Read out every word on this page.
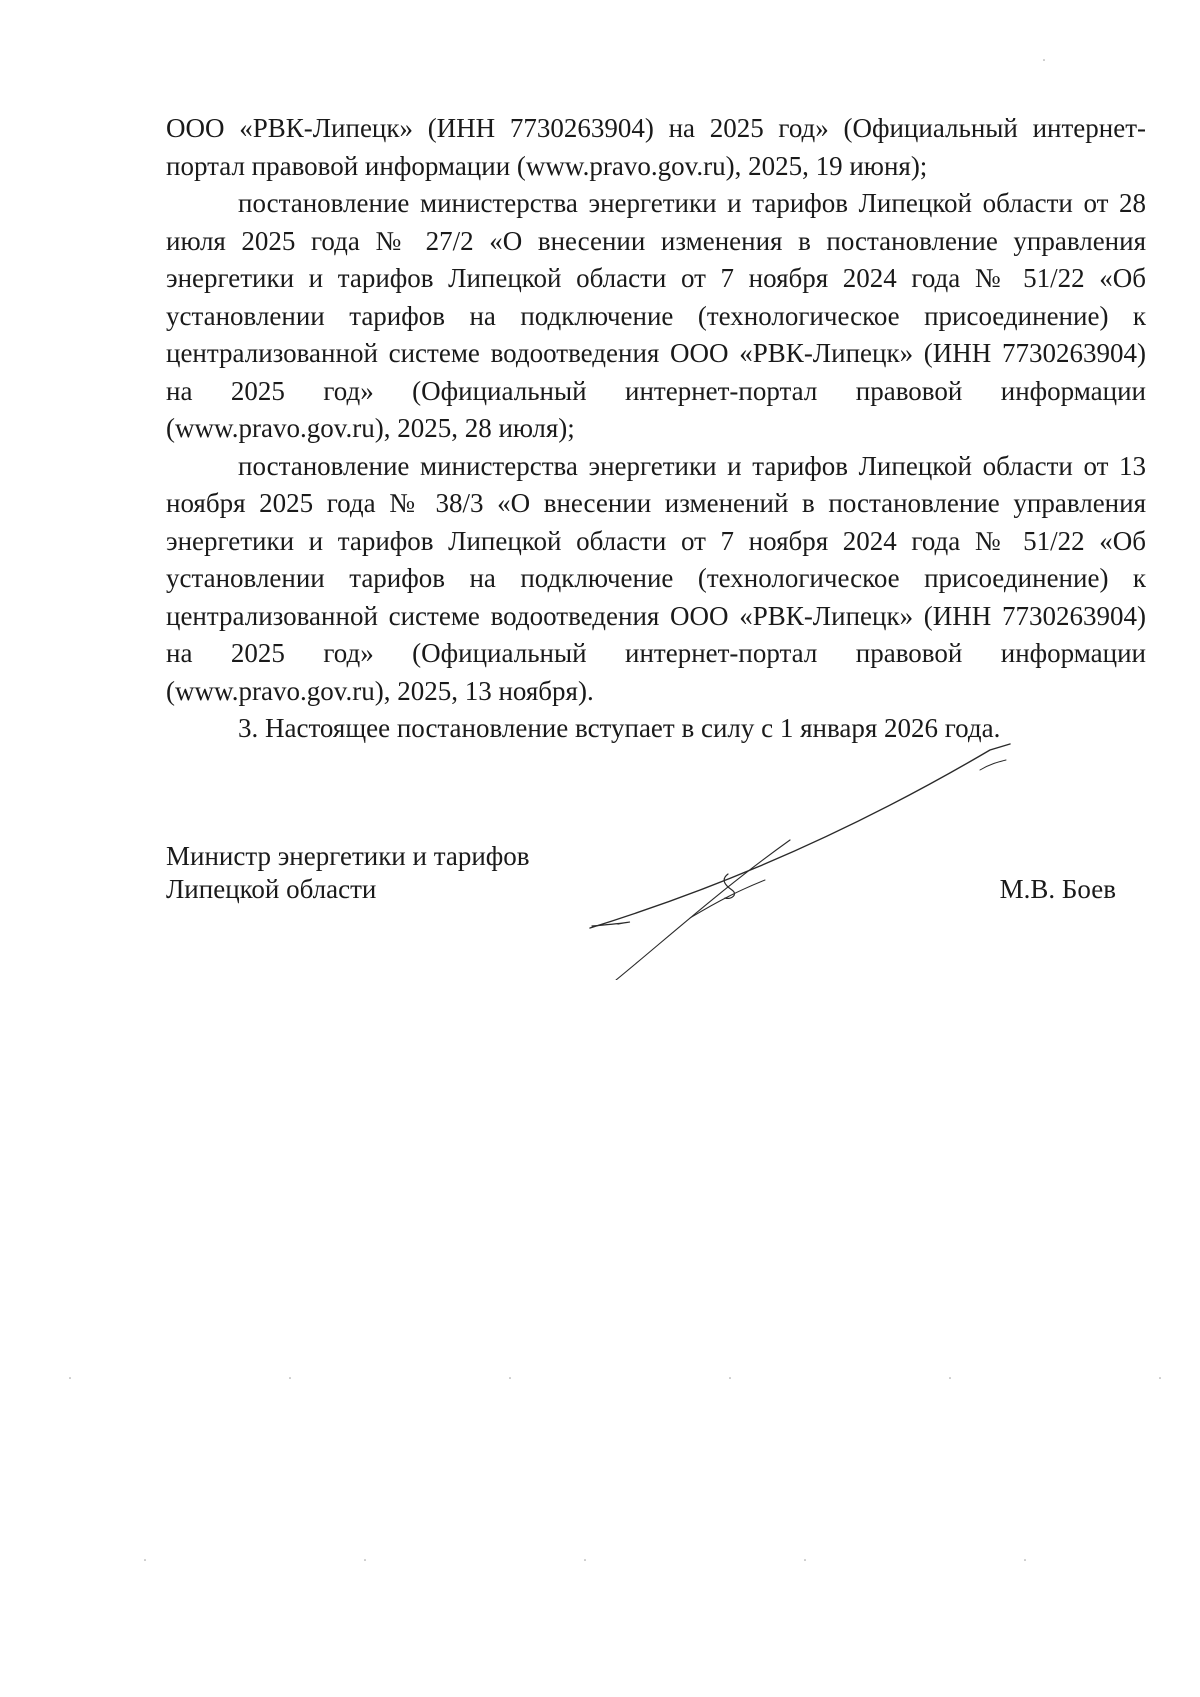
ООО «РВК-Липецк» (ИНН 7730263904) на 2025 год» (Официальный интернет-портал правовой информации (www.pravo.gov.ru), 2025, 19 июня);

постановление министерства энергетики и тарифов Липецкой области от 28 июля 2025 года № 27/2 «О внесении изменения в постановление управления энергетики и тарифов Липецкой области от 7 ноября 2024 года № 51/22 «Об установлении тарифов на подключение (технологическое присоединение) к централизованной системе водоотведения ООО «РВК-Липецк» (ИНН 7730263904) на 2025 год» (Официальный интернет-портал правовой информации (www.pravo.gov.ru), 2025, 28 июля);

постановление министерства энергетики и тарифов Липецкой области от 13 ноября 2025 года № 38/3 «О внесении изменений в постановление управления энергетики и тарифов Липецкой области от 7 ноября 2024 года № 51/22 «Об установлении тарифов на подключение (технологическое присоединение) к централизованной системе водоотведения ООО «РВК-Липецк» (ИНН 7730263904) на 2025 год» (Официальный интернет-портал правовой информации (www.pravo.gov.ru), 2025, 13 ноября).

3. Настоящее постановление вступает в силу с 1 января 2026 года.

Министр энергетики и тарифов
Липецкой области	М.В. Боев
